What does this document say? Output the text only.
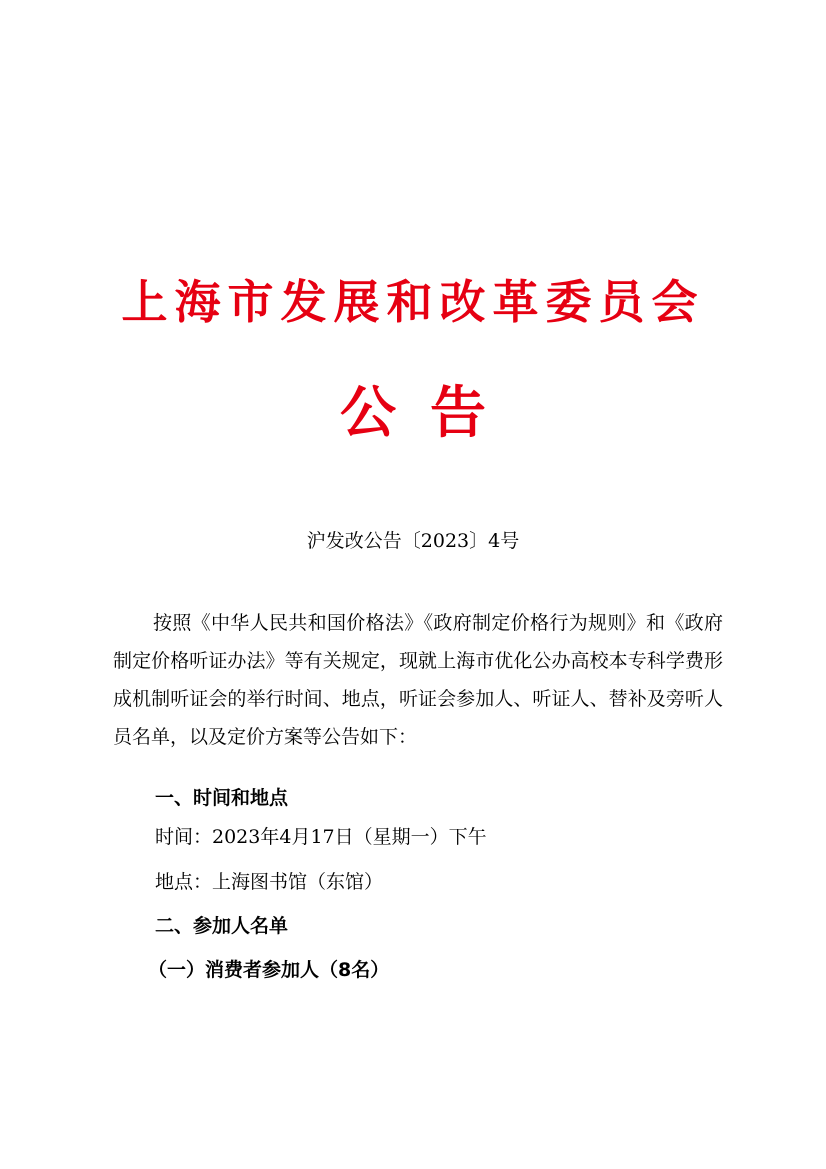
上海市发展和改革委员会
公告
沪发改公告〔2023〕4号
按照《中华人民共和国价格法》《政府制定价格行为规则》和《政府制定价格听证办法》等有关规定，现就上海市优化公办高校本专科学费形成机制听证会的举行时间、地点，听证会参加人、听证人、替补及旁听人员名单，以及定价方案等公告如下：
一、时间和地点
时间：2023年4月17日（星期一）下午
地点：上海图书馆（东馆）
二、参加人名单
（一）消费者参加人（8名）
